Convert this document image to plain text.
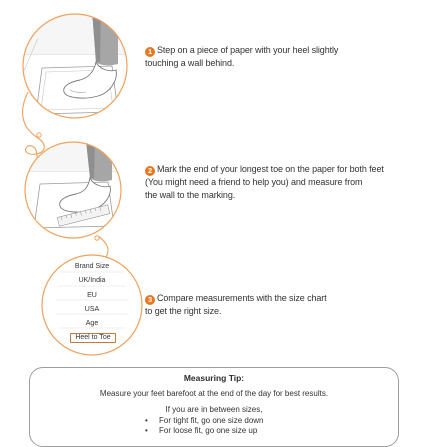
Brand Size
UK/India
EU
USA
Age
Heel to Toe
1 Step on a piece of paper with your heel slightly
touching a wall behind.
2 Mark the end of your longest toe on the paper for both feet
(You might need a friend to help you) and measure from
the wall to the marking.
3 Compare measurements with the size chart
to get the right size.
Measuring Tip:
Measure your feet barefoot at the end of the day for best results.
If you are in between sizes,
• For tight fit, go one size down
• For loose fit, go one size up
